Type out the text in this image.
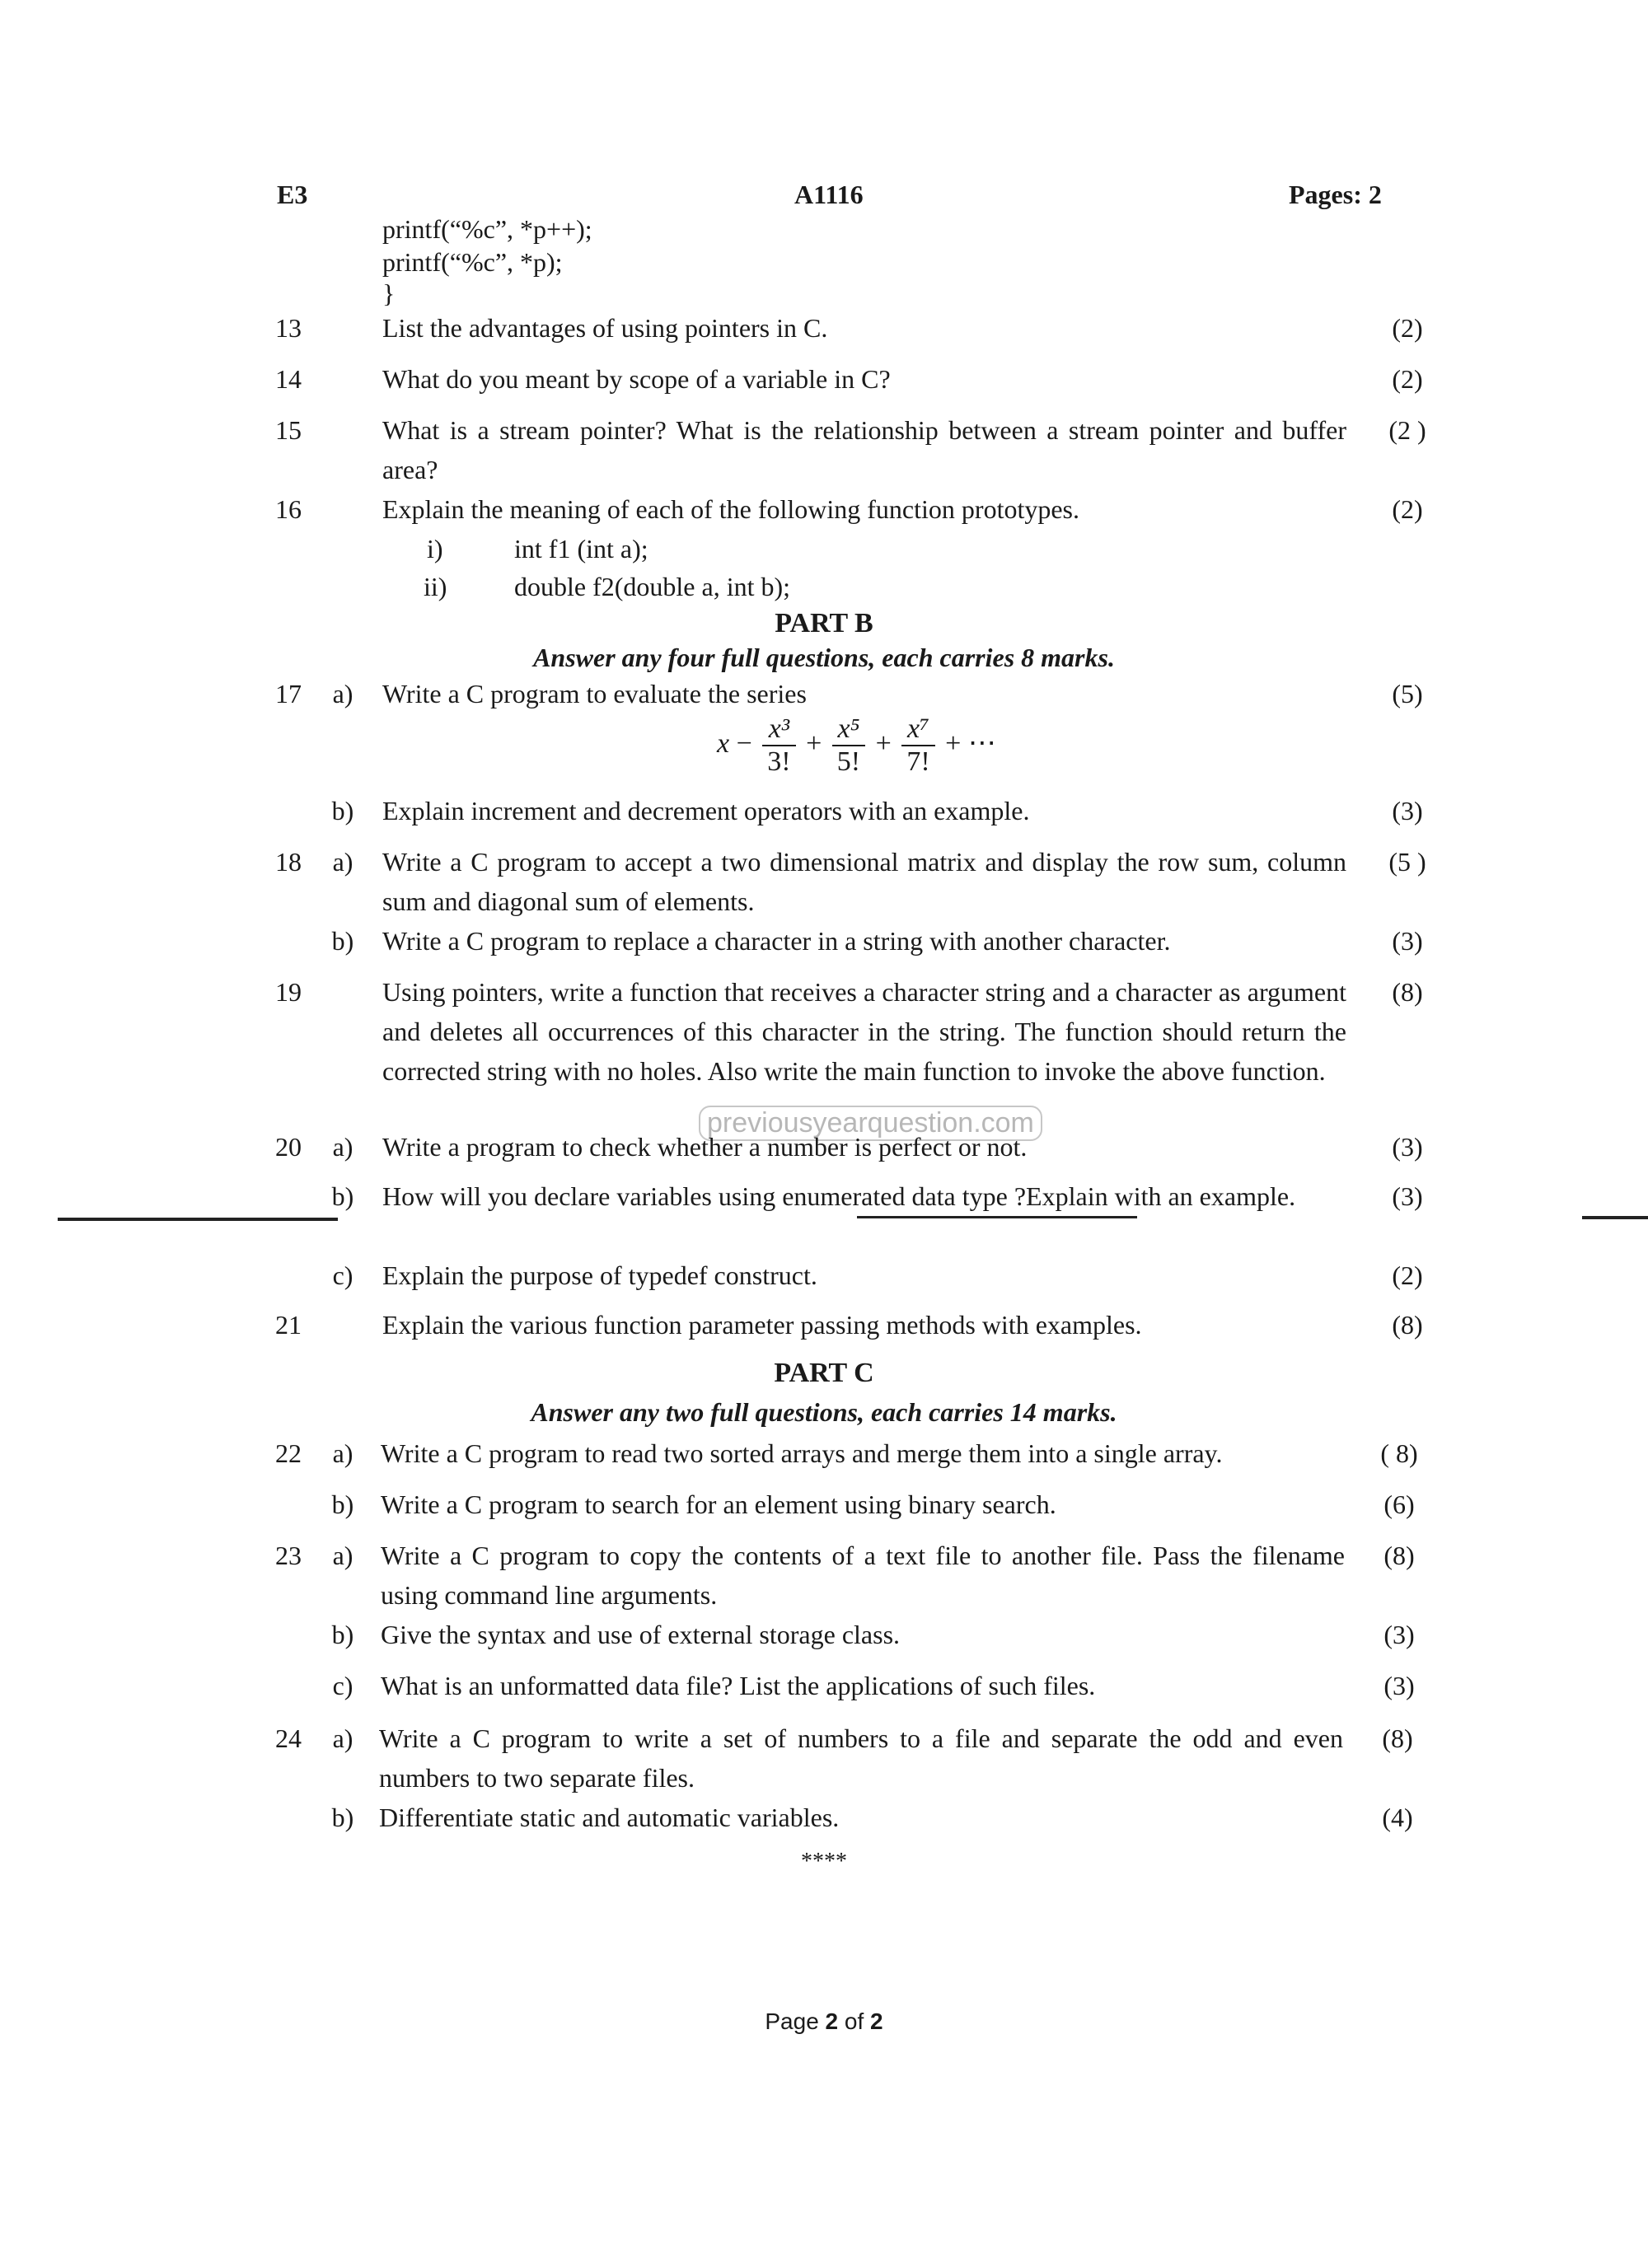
E3	A1116	Pages: 2
printf(“%c”, *p++);
printf(“%c”, *p);
}
13	List the advantages of using pointers in C.	(2)
14	What do you meant by scope of a variable in C?	(2)
15	What is a stream pointer? What is the relationship between a stream pointer and buffer area?
(2 )
16	Explain the meaning of each of the following function prototypes.	(2)
i)	int f1 (int a);
ii)	double f2(double a, int b);
PART B
Answer any four full questions, each carries 8 marks.
17 a) Write a C program to evaluate the series	(5)
$x - \frac{\text{x³}}{3!} + \frac{\text{x⁵}}{5!} + \frac{\text{x⁷}}{7!}$ + ⋯
b) Explain increment and decrement operators with an example.	(3)
18 a) Write a C program to accept a two dimensional matrix and display the row sum, column sum and diagonal sum of elements.
(5 )
b) Write a C program to replace a character in a string with another character.	(3)
19	Using pointers, write a function that receives a character string and a character as argument and deletes all occurrences of this character in the string. The function should return the corrected string with no holes. Also write the main function to invoke the above function.
(8)
previousyearquestion.com
20 a) Write a program to check whether a number is perfect or not.	(3)
b) How will you declare variables using enumerated data type ?Explain with an example.	(3)
c) Explain the purpose of typedef construct.	(2)
21	Explain the various function parameter passing methods with examples.	(8)
PART C
Answer any two full questions, each carries 14 marks.
22 a) Write a C program to read two sorted arrays and merge them into a single array.	( 8)
b) Write a C program to search for an element using binary search.	(6)
23 a) Write a C program to copy the contents of a text file to another file. Pass the filename using command line arguments.
(8)
b) Give the syntax and use of external storage class.	(3)
c) What is an unformatted data file? List the applications of such files.	(3)
24 a) Write a C program to write a set of numbers to a file and separate the odd and even numbers to two separate files.
(8)
b) Differentiate static and automatic variables.	(4)
****
Page 2 of 2
